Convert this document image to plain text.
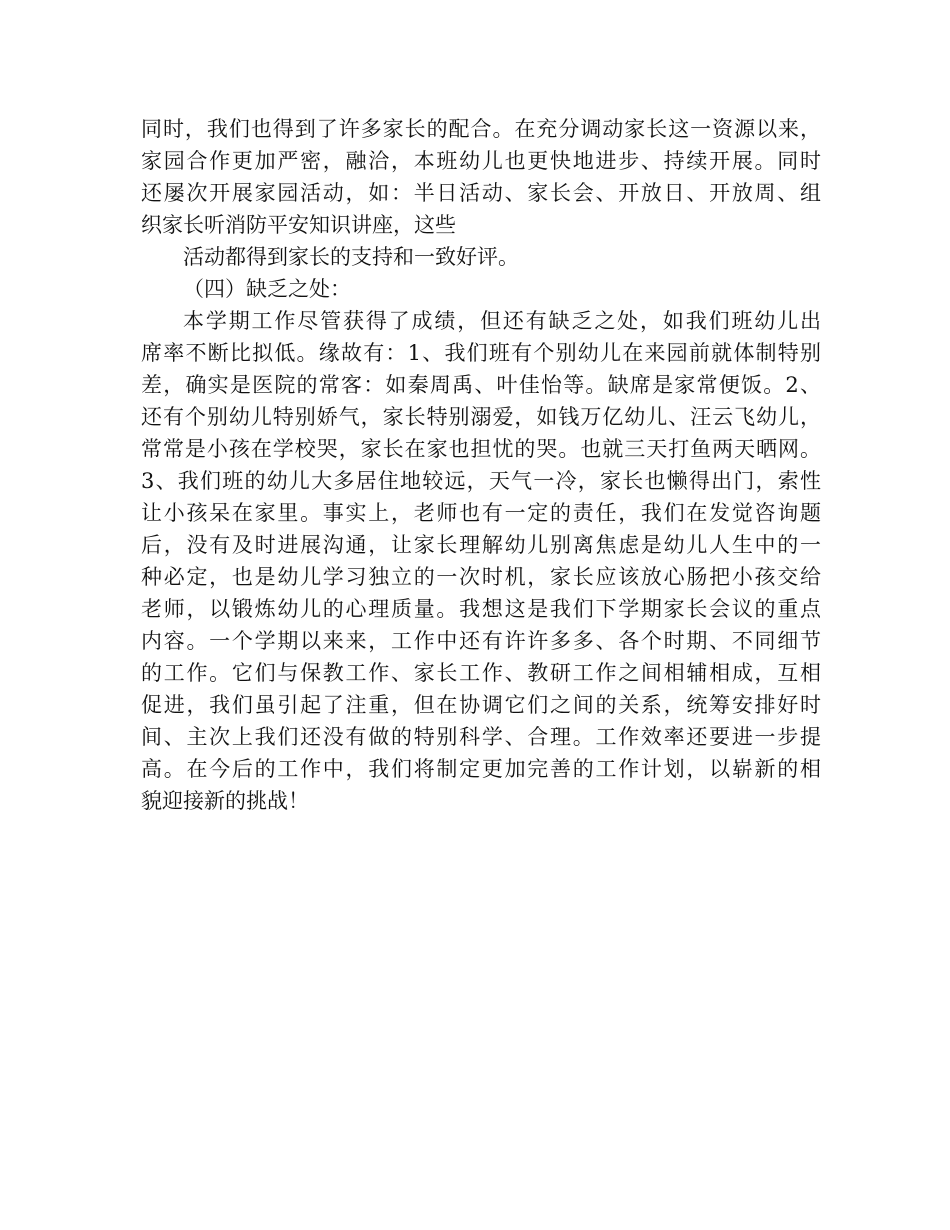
同时，我们也得到了许多家长的配合。在充分调动家长这一资源以来，
家园合作更加严密，融洽，本班幼儿也更快地进步、持续开展。同时
还屡次开展家园活动，如：半日活动、家长会、开放日、开放周、组
织家长听消防平安知识讲座，这些
活动都得到家长的支持和一致好评。
（四）缺乏之处：
本学期工作尽管获得了成绩，但还有缺乏之处，如我们班幼儿出
席率不断比拟低。缘故有：1、我们班有个别幼儿在来园前就体制特别
差，确实是医院的常客：如秦周禹、叶佳怡等。缺席是家常便饭。2、
还有个别幼儿特别娇气，家长特别溺爱，如钱万亿幼儿、汪云飞幼儿，
常常是小孩在学校哭，家长在家也担忧的哭。也就三天打鱼两天晒网。
3、我们班的幼儿大多居住地较远，天气一冷，家长也懒得出门，索性
让小孩呆在家里。事实上，老师也有一定的责任，我们在发觉咨询题
后，没有及时进展沟通，让家长理解幼儿别离焦虑是幼儿人生中的一
种必定，也是幼儿学习独立的一次时机，家长应该放心肠把小孩交给
老师，以锻炼幼儿的心理质量。我想这是我们下学期家长会议的重点
内容。一个学期以来来，工作中还有许许多多、各个时期、不同细节
的工作。它们与保教工作、家长工作、教研工作之间相辅相成，互相
促进，我们虽引起了注重，但在协调它们之间的关系，统筹安排好时
间、主次上我们还没有做的特别科学、合理。工作效率还要进一步提
高。在今后的工作中，我们将制定更加完善的工作计划，以崭新的相
貌迎接新的挑战！
